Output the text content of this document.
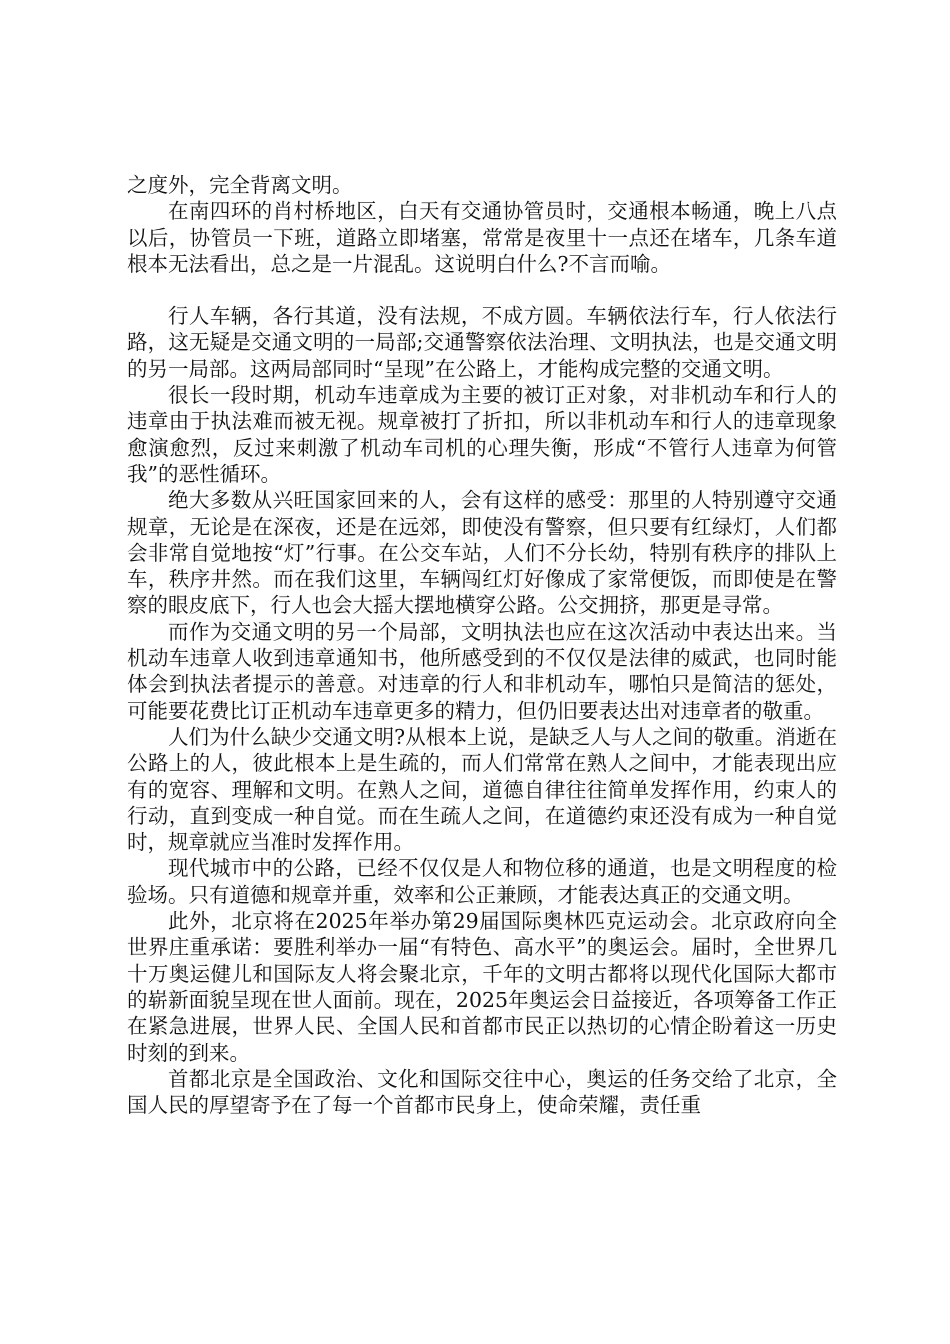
之度外，完全背离文明。

在南四环的肖村桥地区，白天有交通协管员时，交通根本畅通，晚上八点以后，协管员一下班，道路立即堵塞，常常是夜里十一点还在堵车，几条车道根本无法看出，总之是一片混乱。这说明白什么?不言而喻。

行人车辆，各行其道，没有法规，不成方圆。车辆依法行车，行人依法行路，这无疑是交通文明的一局部;交通警察依法治理、文明执法，也是交通文明的另一局部。这两局部同时“呈现”在公路上，才能构成完整的交通文明。

很长一段时期，机动车违章成为主要的被订正对象，对非机动车和行人的违章由于执法难而被无视。规章被打了折扣，所以非机动车和行人的违章现象愈演愈烈，反过来刺激了机动车司机的心理失衡，形成“不管行人违章为何管我”的恶性循环。

绝大多数从兴旺国家回来的人，会有这样的感受：那里的人特别遵守交通规章，无论是在深夜，还是在远郊，即使没有警察，但只要有红绿灯，人们都会非常自觉地按“灯”行事。在公交车站，人们不分长幼，特别有秩序的排队上车，秩序井然。而在我们这里，车辆闯红灯好像成了家常便饭，而即使是在警察的眼皮底下，行人也会大摇大摆地横穿公路。公交拥挤，那更是寻常。

而作为交通文明的另一个局部，文明执法也应在这次活动中表达出来。当机动车违章人收到违章通知书，他所感受到的不仅仅是法律的威武，也同时能体会到执法者提示的善意。对违章的行人和非机动车，哪怕只是简洁的惩处，可能要花费比订正机动车违章更多的精力，但仍旧要表达出对违章者的敬重。

人们为什么缺少交通文明?从根本上说，是缺乏人与人之间的敬重。消逝在公路上的人，彼此根本上是生疏的，而人们常常在熟人之间中，才能表现出应有的宽容、理解和文明。在熟人之间，道德自律往往简单发挥作用，约束人的行动，直到变成一种自觉。而在生疏人之间，在道德约束还没有成为一种自觉时，规章就应当准时发挥作用。

现代城市中的公路，已经不仅仅是人和物位移的通道，也是文明程度的检验场。只有道德和规章并重，效率和公正兼顾，才能表达真正的交通文明。

此外，北京将在2025年举办第29届国际奥林匹克运动会。北京政府向全世界庄重承诺：要胜利举办一届“有特色、高水平”的奥运会。届时，全世界几十万奥运健儿和国际友人将会聚北京，千年的文明古都将以现代化国际大都市的崭新面貌呈现在世人面前。现在，2025年奥运会日益接近，各项筹备工作正在紧急进展，世界人民、全国人民和首都市民正以热切的心情企盼着这一历史时刻的到来。

首都北京是全国政治、文化和国际交往中心，奥运的任务交给了北京，全国人民的厚望寄予在了每一个首都市民身上，使命荣耀，责任重
